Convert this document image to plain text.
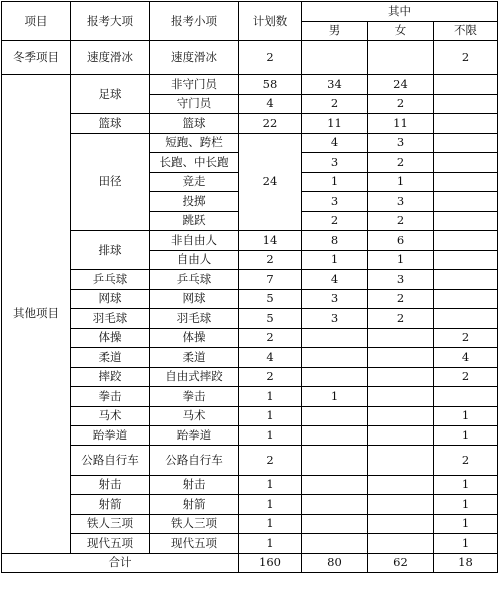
项目	报考大项	报考小项	计划数	其中		
				男	女	不限
冬季项目	速度滑冰	速度滑冰	2			2
其他项目	足球	非守门员	58	34	24	
		守门员	4	2	2	
	篮球	篮球	22	11	11	
	田径	短跑、跨栏	24	4	3	
		长跑、中长跑		3	2	
		竞走		1	1	
		投掷		3	3	
		跳跃		2	2	
	排球	非自由人	14	8	6	
		自由人	2	1	1	
	乒乓球	乒乓球	7	4	3	
	网球	网球	5	3	2	
	羽毛球	羽毛球	5	3	2	
	体操	体操	2			2
	柔道	柔道	4			4
	摔跤	自由式摔跤	2			2
	拳击	拳击	1	1		
	马术	马术	1			1
	跆拳道	跆拳道	1			1
	公路自行车	公路自行车	2			2
	射击	射击	1			1
	射箭	射箭	1			1
	铁人三项	铁人三项	1			1
	现代五项	现代五项	1			1
合计			160	80	62	18
